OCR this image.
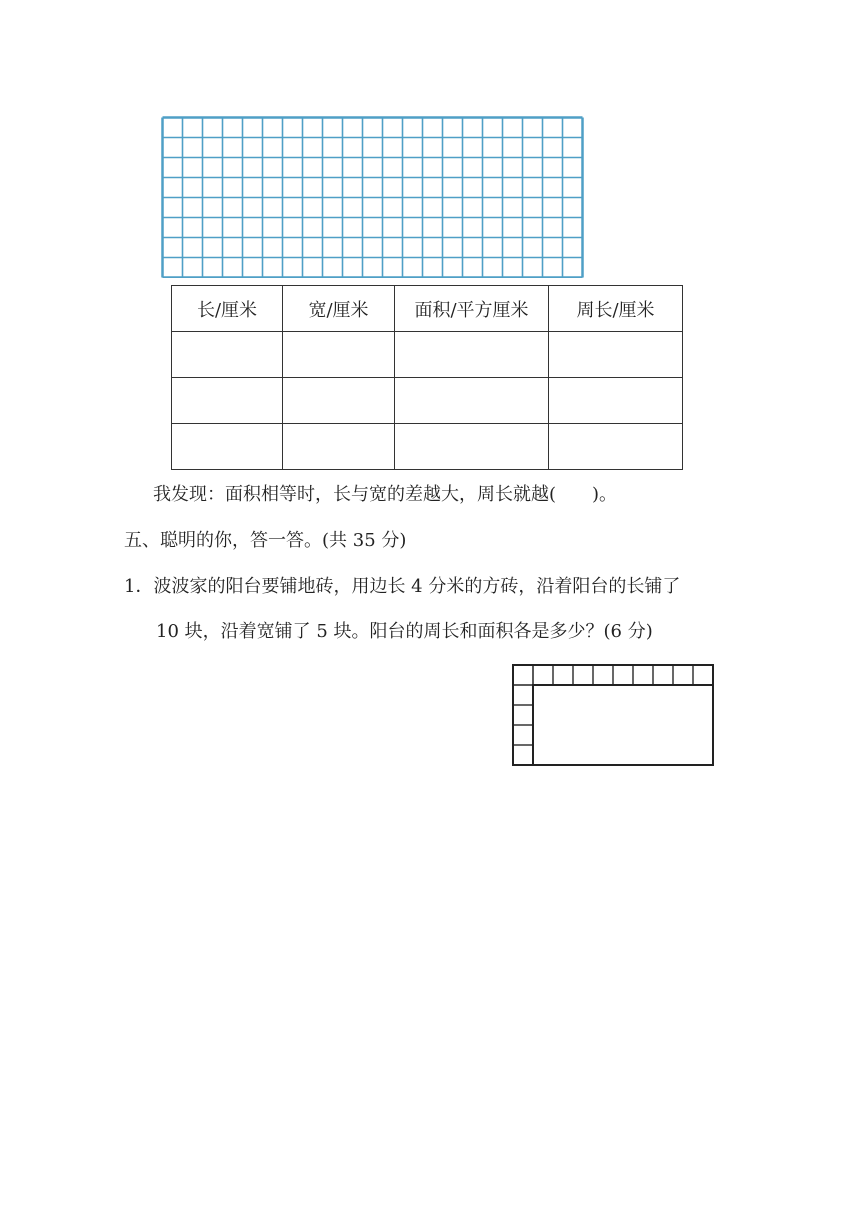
长/厘米	宽/厘米	面积/平方厘米	周长/厘米

我发现：面积相等时，长与宽的差越大，周长就越(　　)。
五、聪明的你，答一答。(共 35 分)
1．波波家的阳台要铺地砖，用边长 4 分米的方砖，沿着阳台的长铺了
10 块，沿着宽铺了 5 块。阳台的周长和面积各是多少？(6 分)
